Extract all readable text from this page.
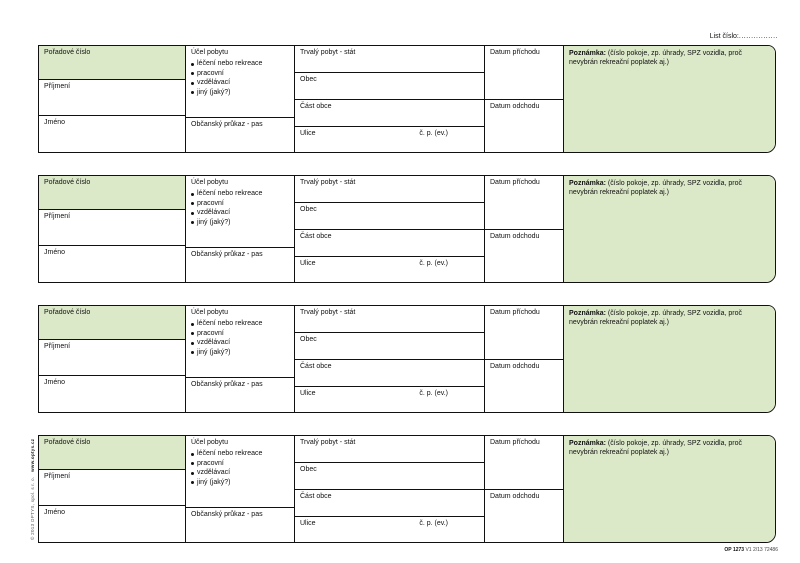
List číslo:................
Pořadové číslo
Příjmení
Jméno
Účel pobytu
léčení nebo rekreace
pracovní
vzdělávací
jiný (jaký?)
Občanský průkaz - pas
Trvalý pobyt - stát
Obec
Část obce
Ulice	č. p. (ev.)
Datum příchodu
Datum odchodu
Poznámka: (číslo pokoje, zp. úhrady, SPZ vozidla, proč nevybrán rekreační poplatek aj.)
Pořadové číslo
Příjmení
Jméno
Účel pobytu
léčení nebo rekreace
pracovní
vzdělávací
jiný (jaký?)
Občanský průkaz - pas
Trvalý pobyt - stát
Obec
Část obce
Ulice	č. p. (ev.)
Datum příchodu
Datum odchodu
Poznámka: (číslo pokoje, zp. úhrady, SPZ vozidla, proč nevybrán rekreační poplatek aj.)
Pořadové číslo
Příjmení
Jméno
Účel pobytu
léčení nebo rekreace
pracovní
vzdělávací
jiný (jaký?)
Občanský průkaz - pas
Trvalý pobyt - stát
Obec
Část obce
Ulice	č. p. (ev.)
Datum příchodu
Datum odchodu
Poznámka: (číslo pokoje, zp. úhrady, SPZ vozidla, proč nevybrán rekreační poplatek aj.)
Pořadové číslo
Příjmení
Jméno
Účel pobytu
léčení nebo rekreace
pracovní
vzdělávací
jiný (jaký?)
Občanský průkaz - pas
Trvalý pobyt - stát
Obec
Část obce
Ulice	č. p. (ev.)
Datum příchodu
Datum odchodu
Poznámka: (číslo pokoje, zp. úhrady, SPZ vozidla, proč nevybrán rekreační poplatek aj.)
© 2013 OPTYS, spol. s r. o.   www.optys.cz
OP 1273 V1 2/13 72486
